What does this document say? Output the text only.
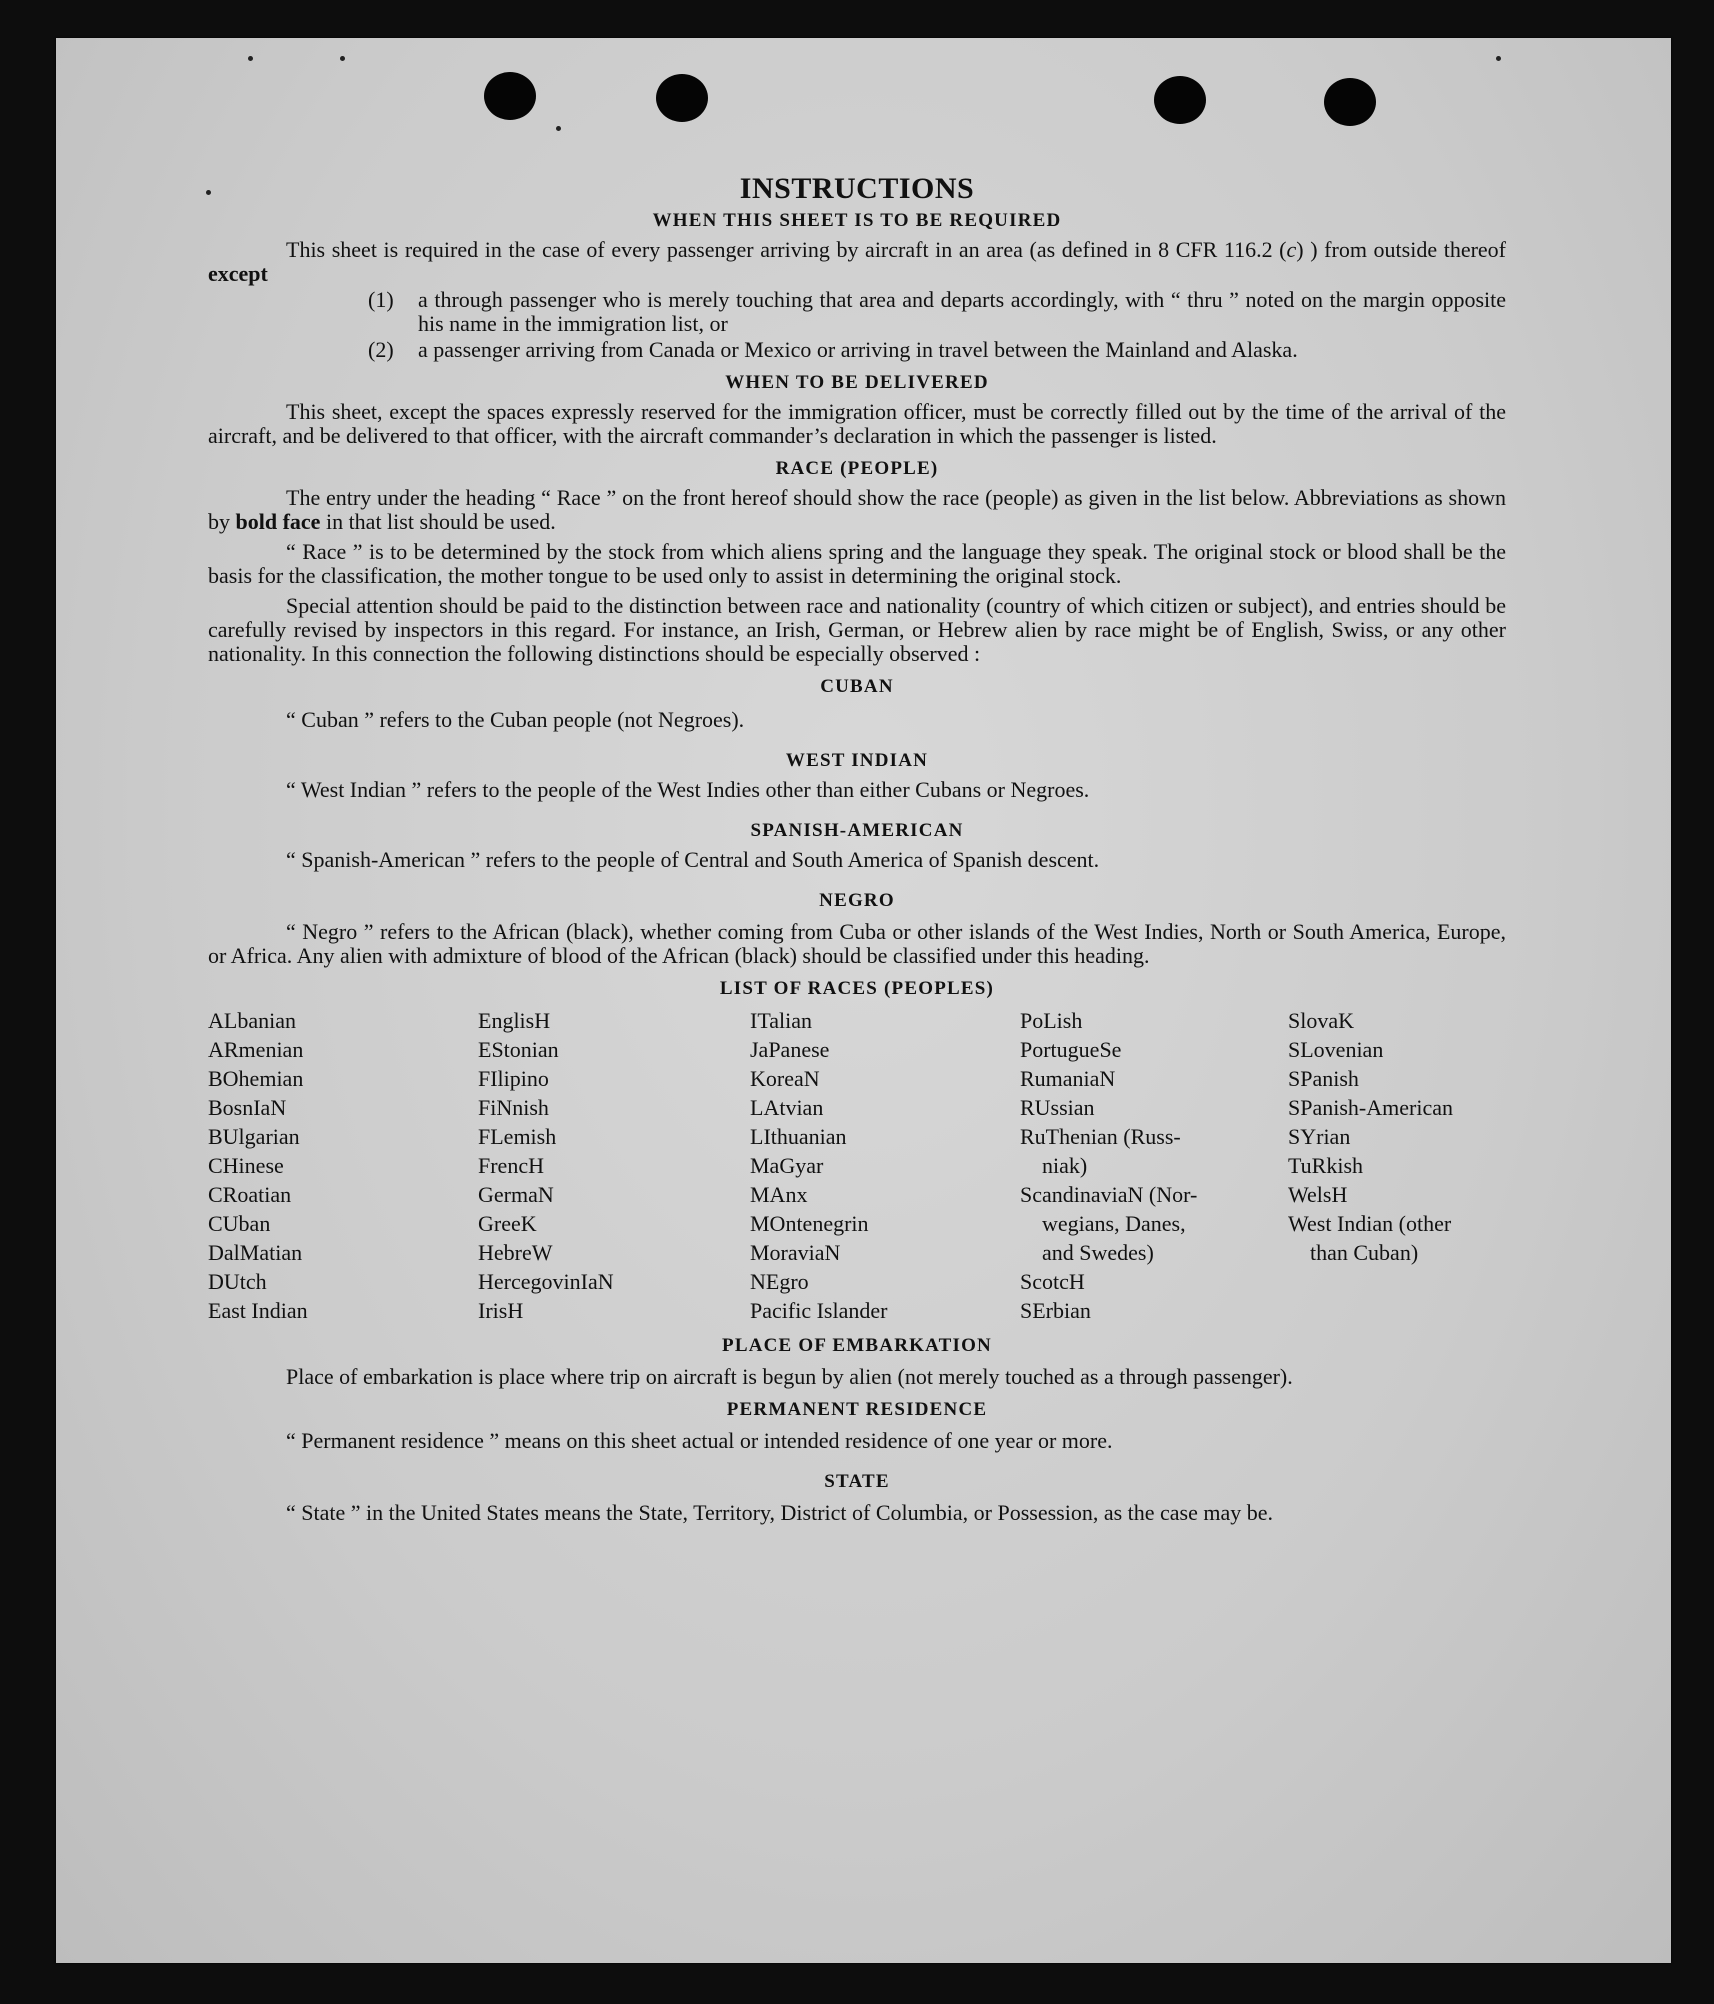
INSTRUCTIONS
WHEN THIS SHEET IS TO BE REQUIRED

This sheet is required in the case of every passenger arriving by aircraft in an area (as defined in 8 CFR 116.2 (c) ) from outside thereof except

(1)	a through passenger who is merely touching that area and departs accordingly, with “ thru ” noted on the margin opposite his name in the immigration list, or
(2)	a passenger arriving from Canada or Mexico or arriving in travel between the Mainland and Alaska.
WHEN TO BE DELIVERED

This sheet, except the spaces expressly reserved for the immigration officer, must be correctly filled out by the time of the arrival of the aircraft, and be delivered to that officer, with the aircraft commander’s declaration in which the passenger is listed.

RACE (PEOPLE)

The entry under the heading “ Race ” on the front hereof should show the race (people) as given in the list below. Abbreviations as shown by bold face in that list should be used.

“ Race ” is to be determined by the stock from which aliens spring and the language they speak. The original stock or blood shall be the basis for the classification, the mother tongue to be used only to assist in determining the original stock.

Special attention should be paid to the distinction between race and nationality (country of which citizen or subject), and entries should be carefully revised by inspectors in this regard. For instance, an Irish, German, or Hebrew alien by race might be of English, Swiss, or any other nationality. In this connection the following distinctions should be especially observed :

CUBAN

“ Cuban ” refers to the Cuban people (not Negroes).

WEST INDIAN

“ West Indian ” refers to the people of the West Indies other than either Cubans or Negroes.

SPANISH-AMERICAN

“ Spanish-American ” refers to the people of Central and South America of Spanish descent.

NEGRO

“ Negro ” refers to the African (black), whether coming from Cuba or other islands of the West Indies, North or South America, Europe, or Africa. Any alien with admixture of blood of the African (black) should be classified under this heading.

LIST OF RACES (PEOPLES)
ALbanian
ARmenian
BOhemian
BosnIaN
BUlgarian
CHinese
CRoatian
CUban
DalMatian
DUtch
East Indian
EnglisH
EStonian
FIlipino
FiNnish
FLemish
FrencH
GermaN
GreeK
HebreW
HercegovinIaN
IrisH
ITalian
JaPanese
KoreaN
LAtvian
LIthuanian
MaGyar
MAnx
MOntenegrin
MoraviaN
NEgro
Pacific Islander
PoLish
PortugueSe
RumaniaN
RUssian
RuThenian (Russ-
niak)
ScandinaviaN (Nor-
wegians, Danes,
and Swedes)
ScotcH
SErbian
SlovaK
SLovenian
SPanish
SPanish-American
SYrian
TuRkish
WelsH
West Indian (other
than Cuban)
PLACE OF EMBARKATION

Place of embarkation is place where trip on aircraft is begun by alien (not merely touched as a through passenger).

PERMANENT RESIDENCE

“ Permanent residence ” means on this sheet actual or intended residence of one year or more.

STATE

“ State ” in the United States means the State, Territory, District of Columbia, or Possession, as the case may be.
